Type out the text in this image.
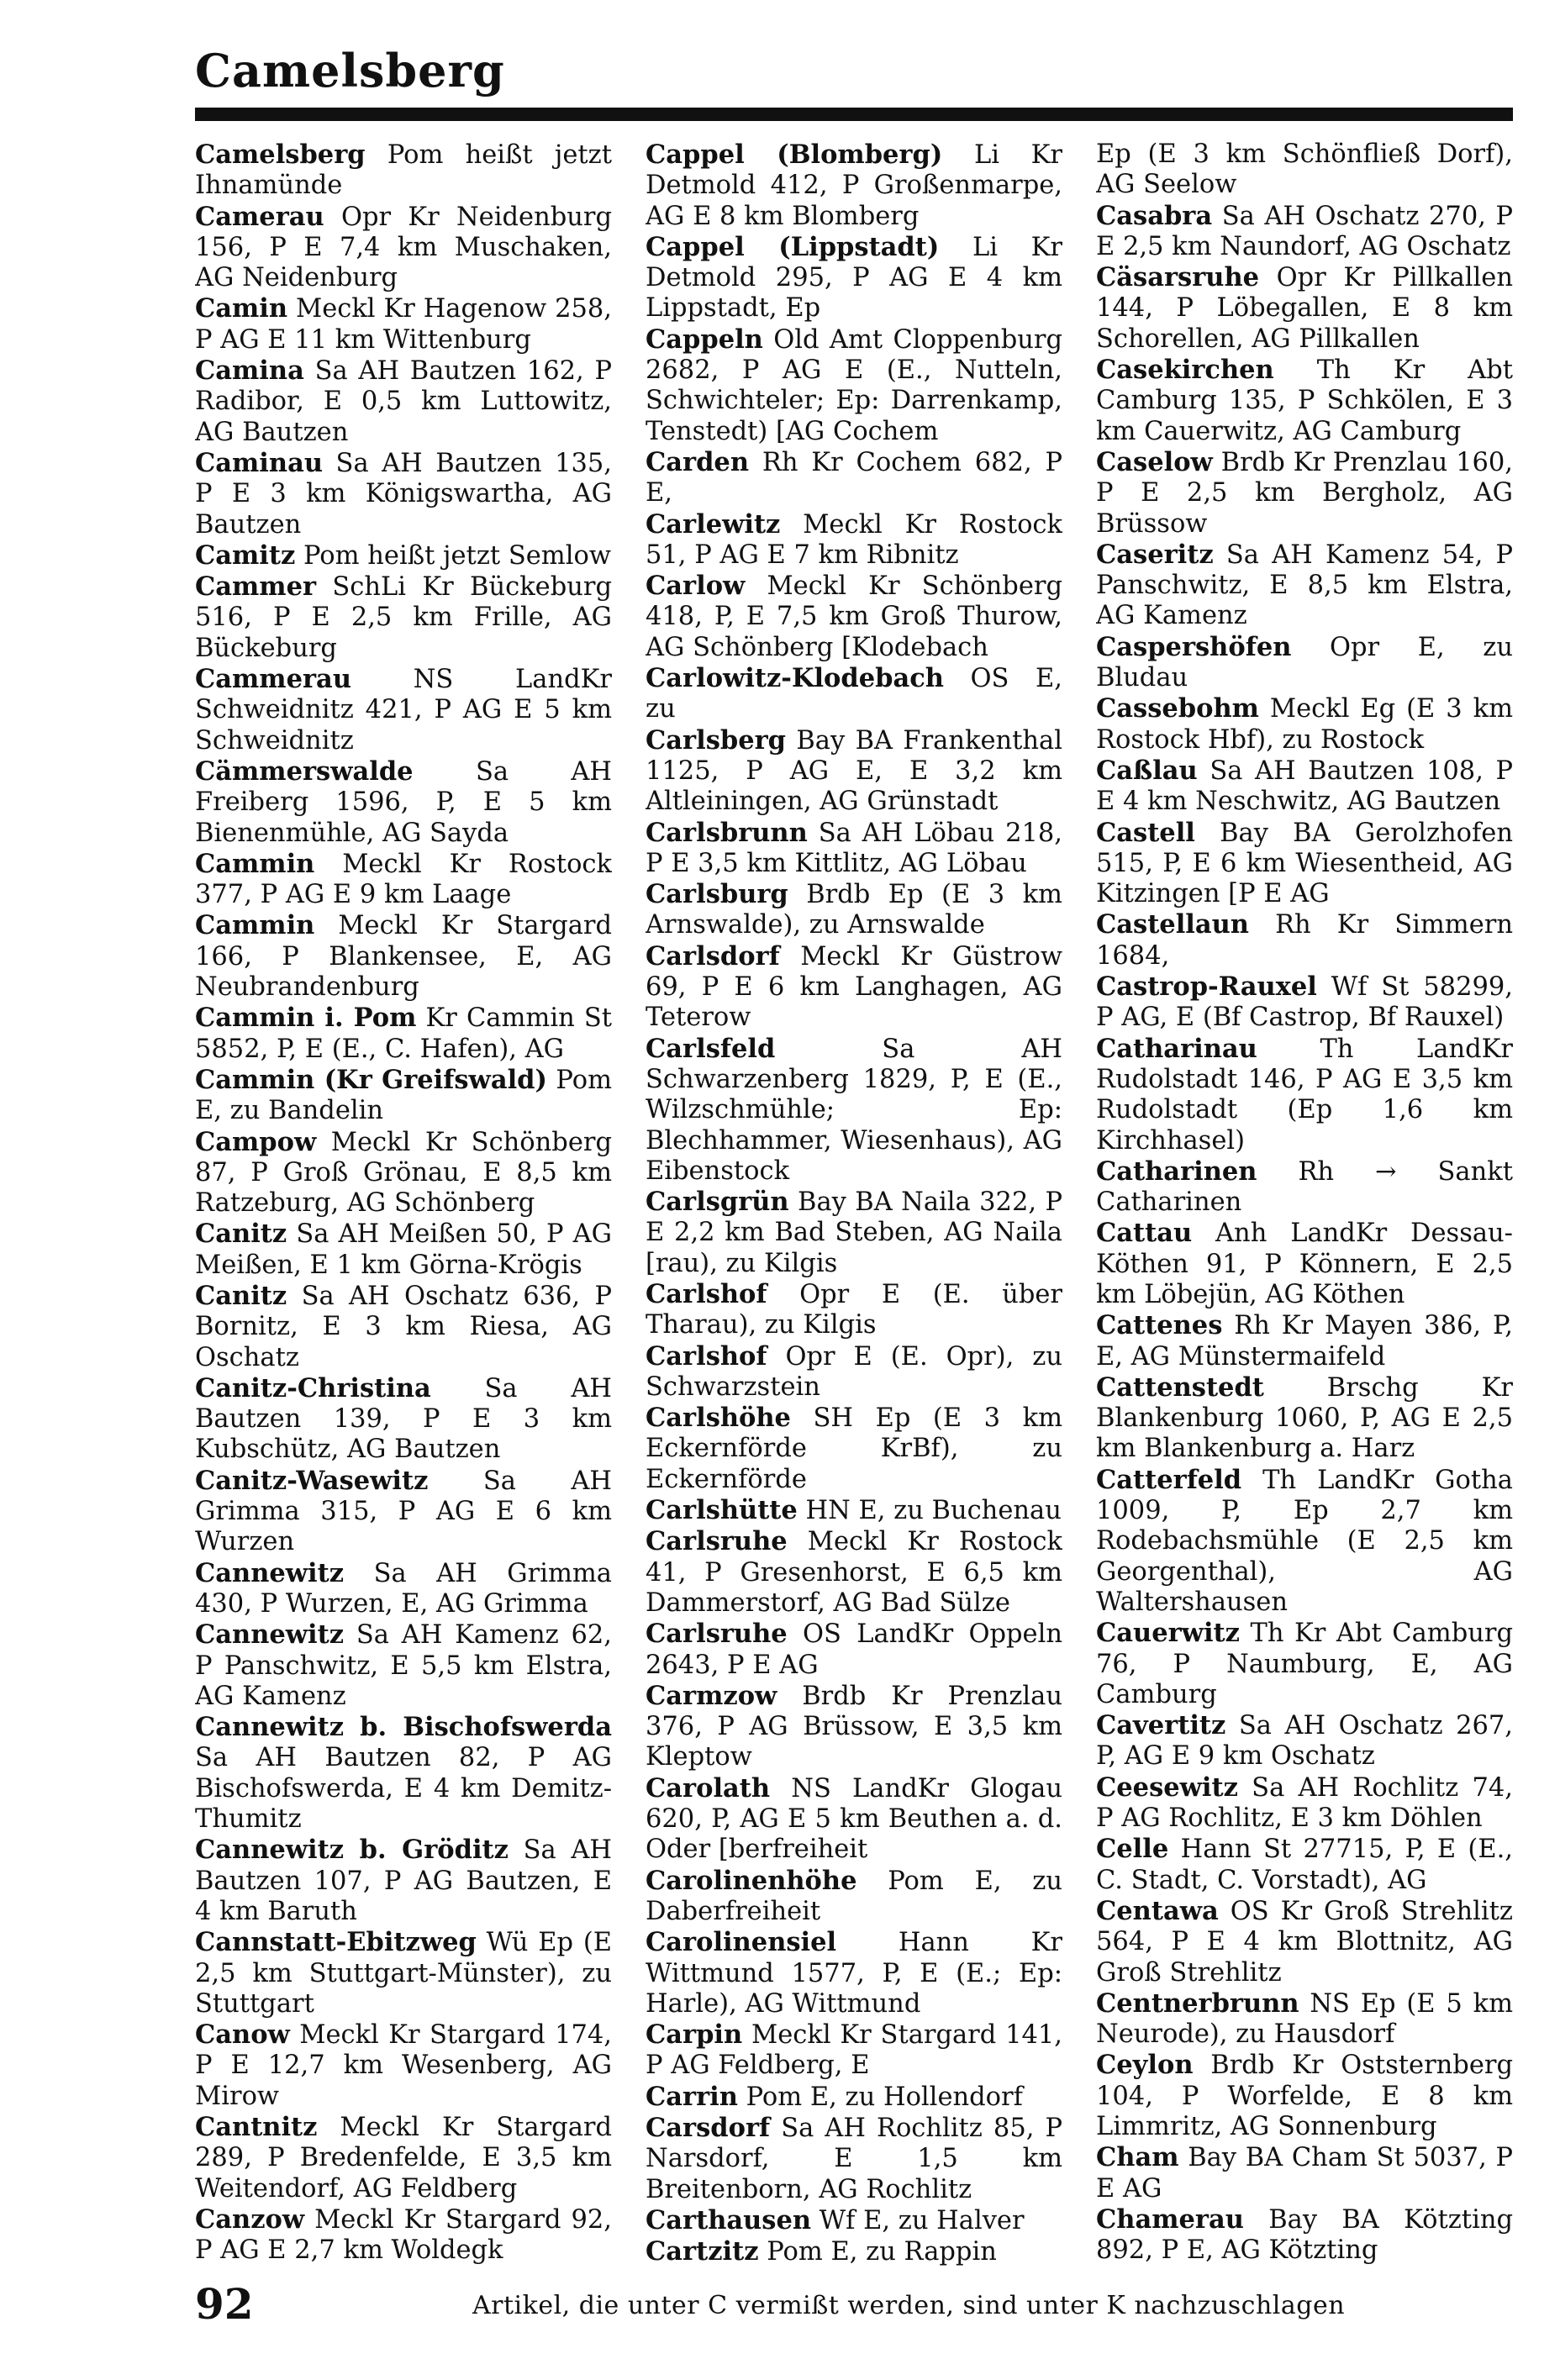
Camelsberg

Camelsberg Pom heißt jetzt Ihnamünde

Camerau Opr Kr Neidenburg 156, P E 7,4 km Muschaken, AG Neidenburg

Camin Meckl Kr Hagenow 258, P AG E 11 km Wittenburg

Camina Sa AH Bautzen 162, P Radibor, E 0,5 km Luttowitz, AG Bautzen

Caminau Sa AH Bautzen 135, P E 3 km Königswartha, AG Bautzen

Camitz Pom heißt jetzt Semlow

Cammer SchLi Kr Bückeburg 516, P E 2,5 km Frille, AG Bückeburg

Cammerau NS LandKr Schweidnitz 421, P AG E 5 km Schweidnitz

Cämmerswalde Sa AH Freiberg 1596, P, E 5 km Bienenmühle, AG Sayda

Cammin Meckl Kr Rostock 377, P AG E 9 km Laage

Cammin Meckl Kr Stargard 166, P Blankensee, E, AG Neubrandenburg

Cammin i. Pom Kr Cammin St 5852, P, E (E., C. Hafen), AG

Cammin (Kr Greifswald) Pom E, zu Bandelin

Campow Meckl Kr Schönberg 87, P Groß Grönau, E 8,5 km Ratzeburg, AG Schönberg

Canitz Sa AH Meißen 50, P AG Meißen, E 1 km Görna-Krögis

Canitz Sa AH Oschatz 636, P Bornitz, E 3 km Riesa, AG Oschatz

Canitz-Christina Sa AH Bautzen 139, P E 3 km Kubschütz, AG Bautzen

Canitz-Wasewitz Sa AH Grimma 315, P AG E 6 km Wurzen

Cannewitz Sa AH Grimma 430, P Wurzen, E, AG Grimma

Cannewitz Sa AH Kamenz 62, P Panschwitz, E 5,5 km Elstra, AG Kamenz

Cannewitz b. Bischofswerda Sa AH Bautzen 82, P AG Bischofswerda, E 4 km Demitz-Thumitz

Cannewitz b. Gröditz Sa AH Bautzen 107, P AG Bautzen, E 4 km Baruth

Cannstatt-Ebitzweg Wü Ep (E 2,5 km Stuttgart-Münster), zu Stuttgart

Canow Meckl Kr Stargard 174, P E 12,7 km Wesenberg, AG Mirow

Cantnitz Meckl Kr Stargard 289, P Bredenfelde, E 3,5 km Weitendorf, AG Feldberg

Canzow Meckl Kr Stargard 92, P AG E 2,7 km Woldegk

Cappel (Blomberg) Li Kr Detmold 412, P Großenmarpe, AG E 8 km Blomberg

Cappel (Lippstadt) Li Kr Detmold 295, P AG E 4 km Lippstadt, Ep

Cappeln Old Amt Cloppenburg 2682, P AG E (E., Nutteln, Schwichteler; Ep: Darrenkamp, Tenstedt) [AG Cochem

Carden Rh Kr Cochem 682, P E,

Carlewitz Meckl Kr Rostock 51, P AG E 7 km Ribnitz

Carlow Meckl Kr Schönberg 418, P, E 7,5 km Groß Thurow, AG Schönberg [Klodebach

Carlowitz-Klodebach OS E, zu

Carlsberg Bay BA Frankenthal 1125, P AG E, E 3,2 km Altleiningen, AG Grünstadt

Carlsbrunn Sa AH Löbau 218, P E 3,5 km Kittlitz, AG Löbau

Carlsburg Brdb Ep (E 3 km Arnswalde), zu Arnswalde

Carlsdorf Meckl Kr Güstrow 69, P E 6 km Langhagen, AG Teterow

Carlsfeld	Sa AH Schwarzenberg 1829, P, E (E., Wilzschmühle; Ep: Blechhammer, Wiesenhaus), AG Eibenstock

Carlsgrün Bay BA Naila 322, P E 2,2 km Bad Steben, AG Naila [rau), zu Kilgis

Carlshof Opr E (E. über Tharau), zu Kilgis

Carlshof Opr E (E. Opr), zu Schwarzstein

Carlshöhe SH Ep (E 3 km Eckernförde KrBf), zu Eckernförde

Carlshütte HN E, zu Buchenau

Carlsruhe Meckl Kr Rostock 41, P Gresenhorst, E 6,5 km Dammerstorf, AG Bad Sülze

Carlsruhe OS LandKr Oppeln 2643, P E AG

Carmzow Brdb Kr Prenzlau 376, P AG Brüssow, E 3,5 km Kleptow

Carolath NS LandKr Glogau 620, P, AG E 5 km Beuthen a. d. Oder [berfreiheit

Carolinenhöhe Pom E, zu Daberfreiheit

Carolinensiel Hann Kr Wittmund 1577, P, E (E.; Ep: Harle), AG Wittmund

Carpin Meckl Kr Stargard 141, P AG Feldberg, E

Carrin Pom E, zu Hollendorf

Carsdorf Sa AH Rochlitz 85, P Narsdorf, E 1,5 km Breitenborn, AG Rochlitz

Carthausen Wf E, zu Halver

Cartzitz Pom E, zu Rappin

Ep (E 3 km Schönfließ Dorf), AG Seelow

Casabra Sa AH Oschatz 270, P E 2,5 km Naundorf, AG Oschatz

Cäsarsruhe Opr Kr Pillkallen 144, P Löbegallen, E 8 km Schorellen, AG Pillkallen

Casekirchen Th Kr Abt Camburg 135, P Schkölen, E 3 km Cauerwitz, AG Camburg

Caselow Brdb Kr Prenzlau 160, P E 2,5 km Bergholz, AG Brüssow

Caseritz Sa AH Kamenz 54, P Panschwitz, E 8,5 km Elstra, AG Kamenz

Caspershöfen Opr E, zu Bludau

Cassebohm Meckl Eg (E 3 km Rostock Hbf), zu Rostock

Caßlau Sa AH Bautzen 108, P E 4 km Neschwitz, AG Bautzen

Castell Bay BA Gerolzhofen 515, P, E 6 km Wiesentheid, AG Kitzingen [P E AG

Castellaun Rh Kr Simmern 1684,

Castrop-Rauxel Wf St 58299, P AG, E (Bf Castrop, Bf Rauxel)

Catharinau Th LandKr Rudolstadt 146, P AG E 3,5 km Rudolstadt (Ep 1,6 km Kirchhasel)

Catharinen Rh → Sankt Catharinen

Cattau Anh LandKr Dessau-Köthen 91, P Könnern, E 2,5 km Löbejün, AG Köthen

Cattenes Rh Kr Mayen 386, P, E, AG Münstermaifeld

Cattenstedt Brschg Kr Blankenburg 1060, P, AG E 2,5 km Blankenburg a. Harz

Catterfeld Th LandKr Gotha 1009, P, Ep 2,7 km Rodebachsmühle (E 2,5 km Georgenthal), AG Waltershausen

Cauerwitz Th Kr Abt Camburg 76, P Naumburg, E, AG Camburg

Cavertitz Sa AH Oschatz 267, P, AG E 9 km Oschatz

Ceesewitz Sa AH Rochlitz 74, P AG Rochlitz, E 3 km Döhlen

Celle Hann St 27715, P, E (E., C. Stadt, C. Vorstadt), AG

Centawa OS Kr Groß Strehlitz 564, P E 4 km Blottnitz, AG Groß Strehlitz

Centnerbrunn NS Ep (E 5 km Neurode), zu Hausdorf

Ceylon Brdb Kr Oststernberg 104, P Worfelde, E 8 km Limmritz, AG Sonnenburg

Cham Bay BA Cham St 5037, P E AG

Chamerau Bay BA Kötzting 892, P E, AG Kötzting

92	Artikel, die unter C vermißt werden, sind unter K nachzuschlagen
